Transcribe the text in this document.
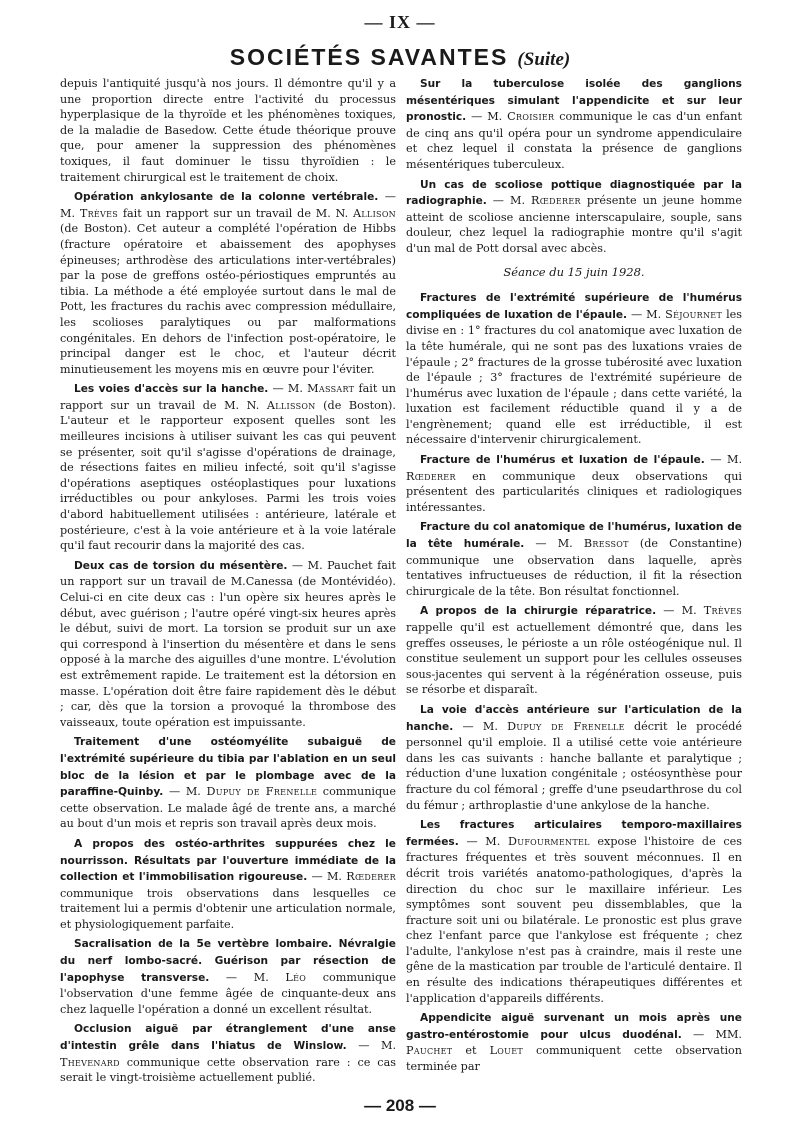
— IX —
SOCIÉTÉS SAVANTES (Suite)

depuis l'antiquité jusqu'à nos jours. Il démontre qu'il y a une proportion directe entre l'activité du processus hyperplasique de la thyroïde et les phénomènes toxiques, de la maladie de Basedow. Cette étude théorique prouve que, pour amener la suppression des phénomènes toxiques, il faut dominuer le tissu thyroïdien : le traitement chirurgical est le traitement de choix.

Opération ankylosante de la colonne vertébrale. — M. Trèves fait un rapport sur un travail de M. N. Allison (de Boston). Cet auteur a complété l'opération de Hibbs (fracture opératoire et abaissement des apophyses épineuses; arthrodèse des articulations inter-vertébrales) par la pose de greffons ostéo-périostiques empruntés au tibia. La méthode a été employée surtout dans le mal de Pott, les fractures du rachis avec compression médullaire, les scolioses paralytiques ou par malformations congénitales. En dehors de l'infection post-opératoire, le principal danger est le choc, et l'auteur décrit minutieusement les moyens mis en œuvre pour l'éviter.

Les voies d'accès sur la hanche. — M. Massart fait un rapport sur un travail de M. N. Allisson (de Boston). L'auteur et le rapporteur exposent quelles sont les meilleures incisions à utiliser suivant les cas qui peuvent se présenter, soit qu'il s'agisse d'opérations de drainage, de résections faites en milieu infecté, soit qu'il s'agisse d'opérations aseptiques ostéoplastiques pour luxations irréductibles ou pour ankyloses. Parmi les trois voies d'abord habituellement utilisées : antérieure, latérale et postérieure, c'est à la voie antérieure et à la voie latérale qu'il faut recourir dans la majorité des cas.

Deux cas de torsion du mésentère. — M. Pauchet fait un rapport sur un travail de M.Canessa (de Montévidéo). Celui-ci en cite deux cas : l'un opère six heures après le début, avec guérison ; l'autre opéré vingt-six heures après le début, suivi de mort. La torsion se produit sur un axe qui correspond à l'insertion du mésentère et dans le sens opposé à la marche des aiguilles d'une montre. L'évolution est extrêmement rapide. Le traitement est la détorsion en masse. L'opération doit être faire rapidement dès le début ; car, dès que la torsion a provoqué la thrombose des vaisseaux, toute opération est impuissante.

Traitement d'une ostéomyélite subaiguë de l'extrémité supérieure du tibia par l'ablation en un seul bloc de la lésion et par le plombage avec de la paraffine-Quinby. — M. Dupuy de Frenelle communique cette observation. Le malade âgé de trente ans, a marché au bout d'un mois et repris son travail après deux mois.

A propos des ostéo-arthrites suppurées chez le nourrisson. Résultats par l'ouverture immédiate de la collection et l'immobilisation rigoureuse. — M. Rœderer communique trois observations dans lesquelles ce traitement lui a permis d'obtenir une articulation normale, et physiologiquement parfaite.

Sacralisation de la 5e vertèbre lombaire. Névralgie du nerf lombo-sacré. Guérison par résection de l'apophyse transverse. — M. Léo communique l'observation d'une femme âgée de cinquante-deux ans chez laquelle l'opération a donné un excellent résultat.

Occlusion aiguë par étranglement d'une anse d'intestin grêle dans l'hiatus de Winslow. — M. Thevenard communique cette observation rare : ce cas serait le vingt-troisième actuellement publié.

Sur la tuberculose isolée des ganglions mésentériques simulant l'appendicite et sur leur pronostic. — M. Croisier communique le cas d'un enfant de cinq ans qu'il opéra pour un syndrome appendiculaire et chez lequel il constata la présence de ganglions mésentériques tuberculeux.

Un cas de scoliose pottique diagnostiquée par la radiographie. — M. Rœderer présente un jeune homme atteint de scoliose ancienne interscapulaire, souple, sans douleur, chez lequel la radiographie montre qu'il s'agit d'un mal de Pott dorsal avec abcès.

Séance du 15 juin 1928.

Fractures de l'extrémité supérieure de l'humérus compliquées de luxation de l'épaule. — M. Séjournet les divise en : 1° fractures du col anatomique avec luxation de la tête humérale, qui ne sont pas des luxations vraies de l'épaule ; 2° fractures de la grosse tubérosité avec luxation de l'épaule ; 3° fractures de l'extrémité supérieure de l'humérus avec luxation de l'épaule ; dans cette variété, la luxation est facilement réductible quand il y a de l'engrènement; quand elle est irréductible, il est nécessaire d'intervenir chirurgicalement.

Fracture de l'humérus et luxation de l'épaule. — M. Rœderer en communique deux observations qui présentent des particularités cliniques et radiologiques intéressantes.

Fracture du col anatomique de l'humérus, luxation de la tête humérale. — M. Bressot (de Constantine) communique une observation dans laquelle, après tentatives infructueuses de réduction, il fit la résection chirurgicale de la tête. Bon résultat fonctionnel.

A propos de la chirurgie réparatrice. — M. Trèves rappelle qu'il est actuellement démontré que, dans les greffes osseuses, le périoste a un rôle ostéogénique nul. Il constitue seulement un support pour les cellules osseuses sous-jacentes qui servent à la régénération osseuse, puis se résorbe et disparaît.

La voie d'accès antérieure sur l'articulation de la hanche. — M. Dupuy de Frenelle décrit le procédé personnel qu'il emploie. Il a utilisé cette voie antérieure dans les cas suivants : hanche ballante et paralytique ; réduction d'une luxation congénitale ; ostéosynthèse pour fracture du col fémoral ; greffe d'une pseudarthrose du col du fémur ; arthroplastie d'une ankylose de la hanche.

Les fractures articulaires temporo-maxillaires fermées. — M. Dufourmentel expose l'histoire de ces fractures fréquentes et très souvent méconnues. Il en décrit trois variétés anatomo-pathologiques, d'après la direction du choc sur le maxillaire inférieur. Les symptômes sont souvent peu dissemblables, que la fracture soit uni ou bilatérale. Le pronostic est plus grave chez l'enfant parce que l'ankylose est fréquente ; chez l'adulte, l'ankylose n'est pas à craindre, mais il reste une gêne de la mastication par trouble de l'articulé dentaire. Il en résulte des indications thérapeutiques différentes et l'application d'appareils différents.

Appendicite aiguë survenant un mois après une gastro-entérostomie pour ulcus duodénal. — MM. Pauchet et Louet communiquent cette observation terminée par

— 208 —
